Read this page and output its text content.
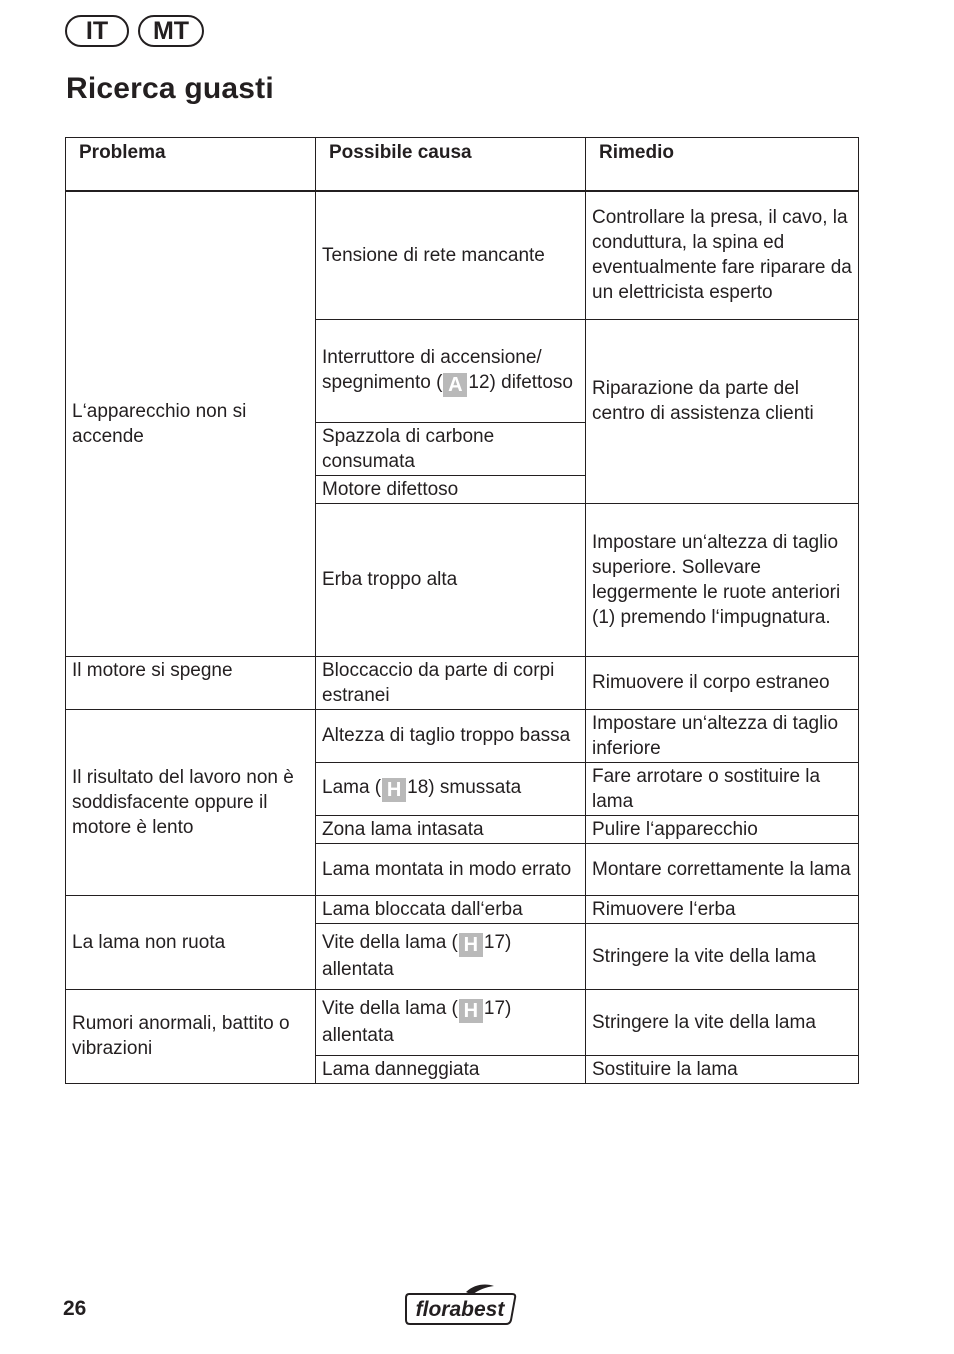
IT	MT
Ricerca guasti
Problema	Possibile causa	Rimedio
L‘apparecchio non si accende	Tensione di rete mancante	Controllare la presa, il cavo, la conduttura, la spina ed eventualmente fare riparare da un elettricista esperto
	Interruttore di accensione/ spegnimento ( A 12) difettoso	Riparazione da parte del centro di assistenza clienti
	Spazzola di carbone consumata	
	Motore difettoso	
	Erba troppo alta	Impostare un‘altezza di taglio superiore. Sollevare leggermente le ruote anteriori (1) premendo l‘impugnatura.
Il motore si spegne	Bloccaccio da parte di corpi estranei	Rimuovere il corpo estraneo
Il risultato del lavoro non è soddisfacente oppure il motore è lento	Altezza di taglio troppo bassa	Impostare un‘altezza di taglio inferiore
	Lama ( H 18) smussata	Fare arrotare o sostituire la lama
	Zona lama intasata	Pulire l‘apparecchio
	Lama montata in modo errato	Montare correttamente la lama
La lama non ruota	Lama bloccata dall‘erba	Rimuovere l‘erba
	Vite della lama ( H 17) allentata	Stringere la vite della lama
Rumori anormali, battito o vibrazioni	Vite della lama ( H 17) allentata	Stringere la vite della lama
	Lama danneggiata	Sostituire la lama
26	florabest
